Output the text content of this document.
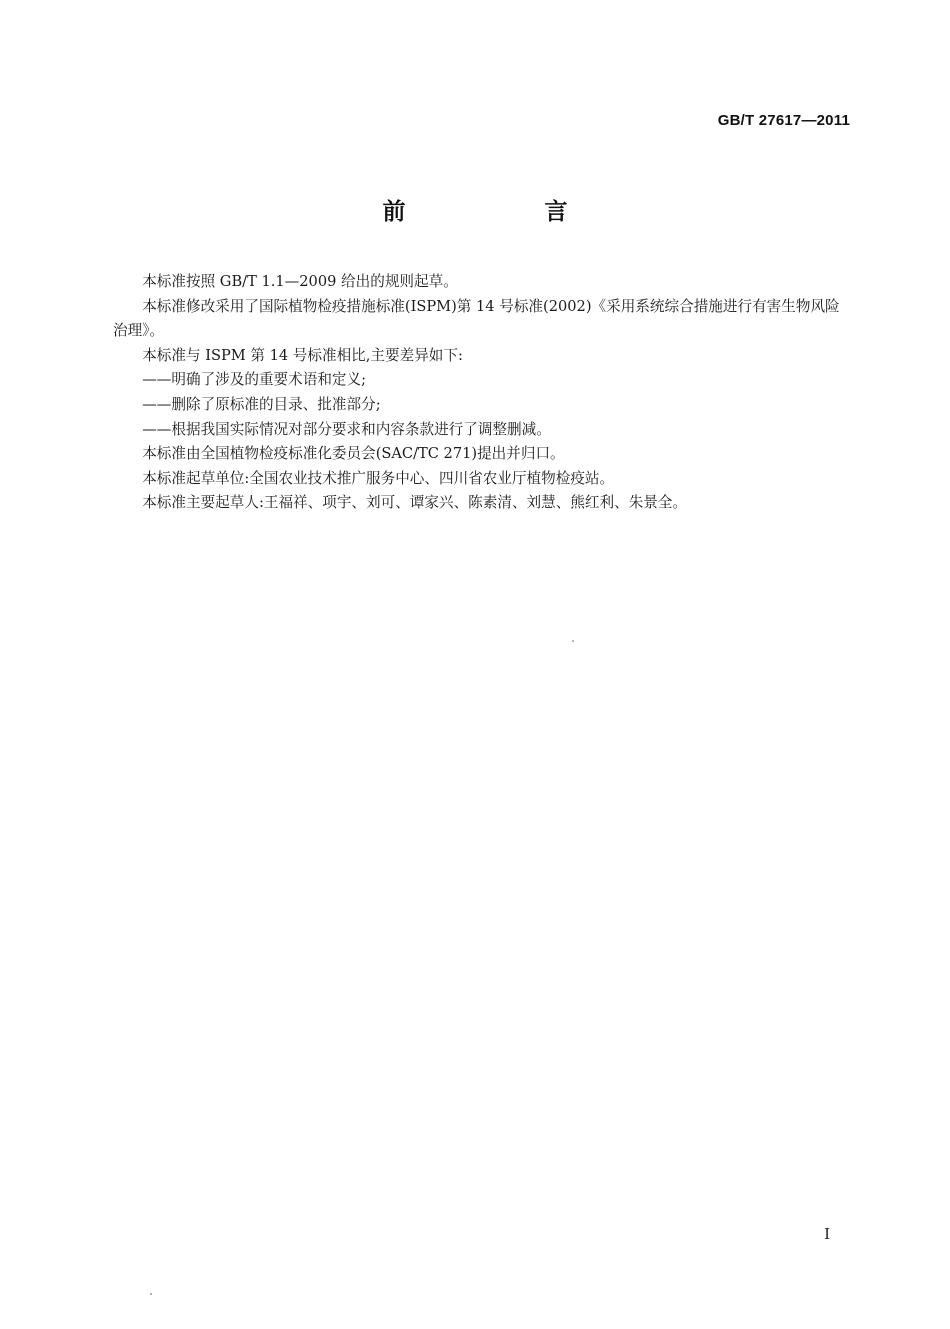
GB/T 27617—2011
前　言

本标准按照 GB/T 1.1—2009 给出的规则起草。

本标准修改采用了国际植物检疫措施标准(ISPM)第 14 号标准(2002)《采用系统综合措施进行有害生物风险治理》。

本标准与 ISPM 第 14 号标准相比,主要差异如下:

——明确了涉及的重要术语和定义;

——删除了原标准的目录、批准部分;

——根据我国实际情况对部分要求和内容条款进行了调整删减。

本标准由全国植物检疫标准化委员会(SAC/TC 271)提出并归口。

本标准起草单位:全国农业技术推广服务中心、四川省农业厅植物检疫站。

本标准主要起草人:王福祥、项宇、刘可、谭家兴、陈素清、刘慧、熊红利、朱景全。

I
